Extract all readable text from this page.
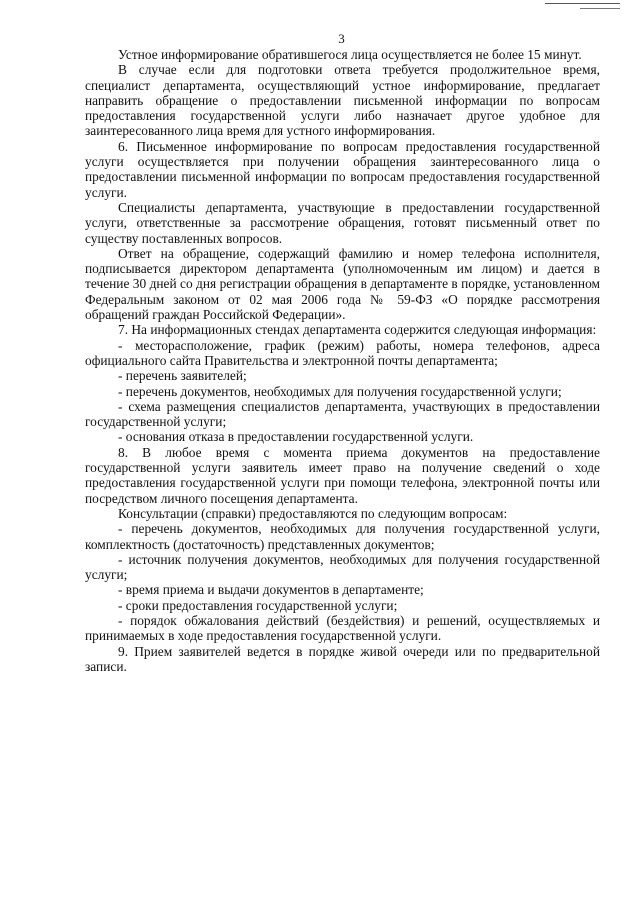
3

Устное информирование обратившегося лица осуществляется не более 15 минут.

В случае если для подготовки ответа требуется продолжительное время, специалист департамента, осуществляющий устное информирование, предлагает направить обращение о предоставлении письменной информации по вопросам предоставления государственной услуги либо назначает другое удобное для заинтересованного лица время для устного информирования.

6. Письменное информирование по вопросам предоставления государственной услуги осуществляется при получении обращения заинтересованного лица о предоставлении письменной информации по вопросам предоставления государственной услуги.

Специалисты департамента, участвующие в предоставлении государственной услуги, ответственные за рассмотрение обращения, готовят письменный ответ по существу поставленных вопросов.

Ответ на обращение, содержащий фамилию и номер телефона исполнителя, подписывается директором департамента (уполномоченным им лицом) и дается в течение 30 дней со дня регистрации обращения в департаменте в порядке, установленном Федеральным законом от 02 мая 2006 года № 59-ФЗ «О порядке рассмотрения обращений граждан Российской Федерации».

7. На информационных стендах департамента содержится следующая информация:

- месторасположение, график (режим) работы, номера телефонов, адреса официального сайта Правительства и электронной почты департамента;

- перечень заявителей;

- перечень документов, необходимых для получения государственной услуги;

- схема размещения специалистов департамента, участвующих в предоставлении государственной услуги;

- основания отказа в предоставлении государственной услуги.

8. В любое время с момента приема документов на предоставление государственной услуги заявитель имеет право на получение сведений о ходе предоставления государственной услуги при помощи телефона, электронной почты или посредством личного посещения департамента.

Консультации (справки) предоставляются по следующим вопросам:

- перечень документов, необходимых для получения государственной услуги, комплектность (достаточность) представленных документов;

- источник получения документов, необходимых для получения государственной услуги;

- время приема и выдачи документов в департаменте;

- сроки предоставления государственной услуги;

- порядок обжалования действий (бездействия) и решений, осуществляемых и принимаемых в ходе предоставления государственной услуги.

9. Прием заявителей ведется в порядке живой очереди или по предварительной записи.
